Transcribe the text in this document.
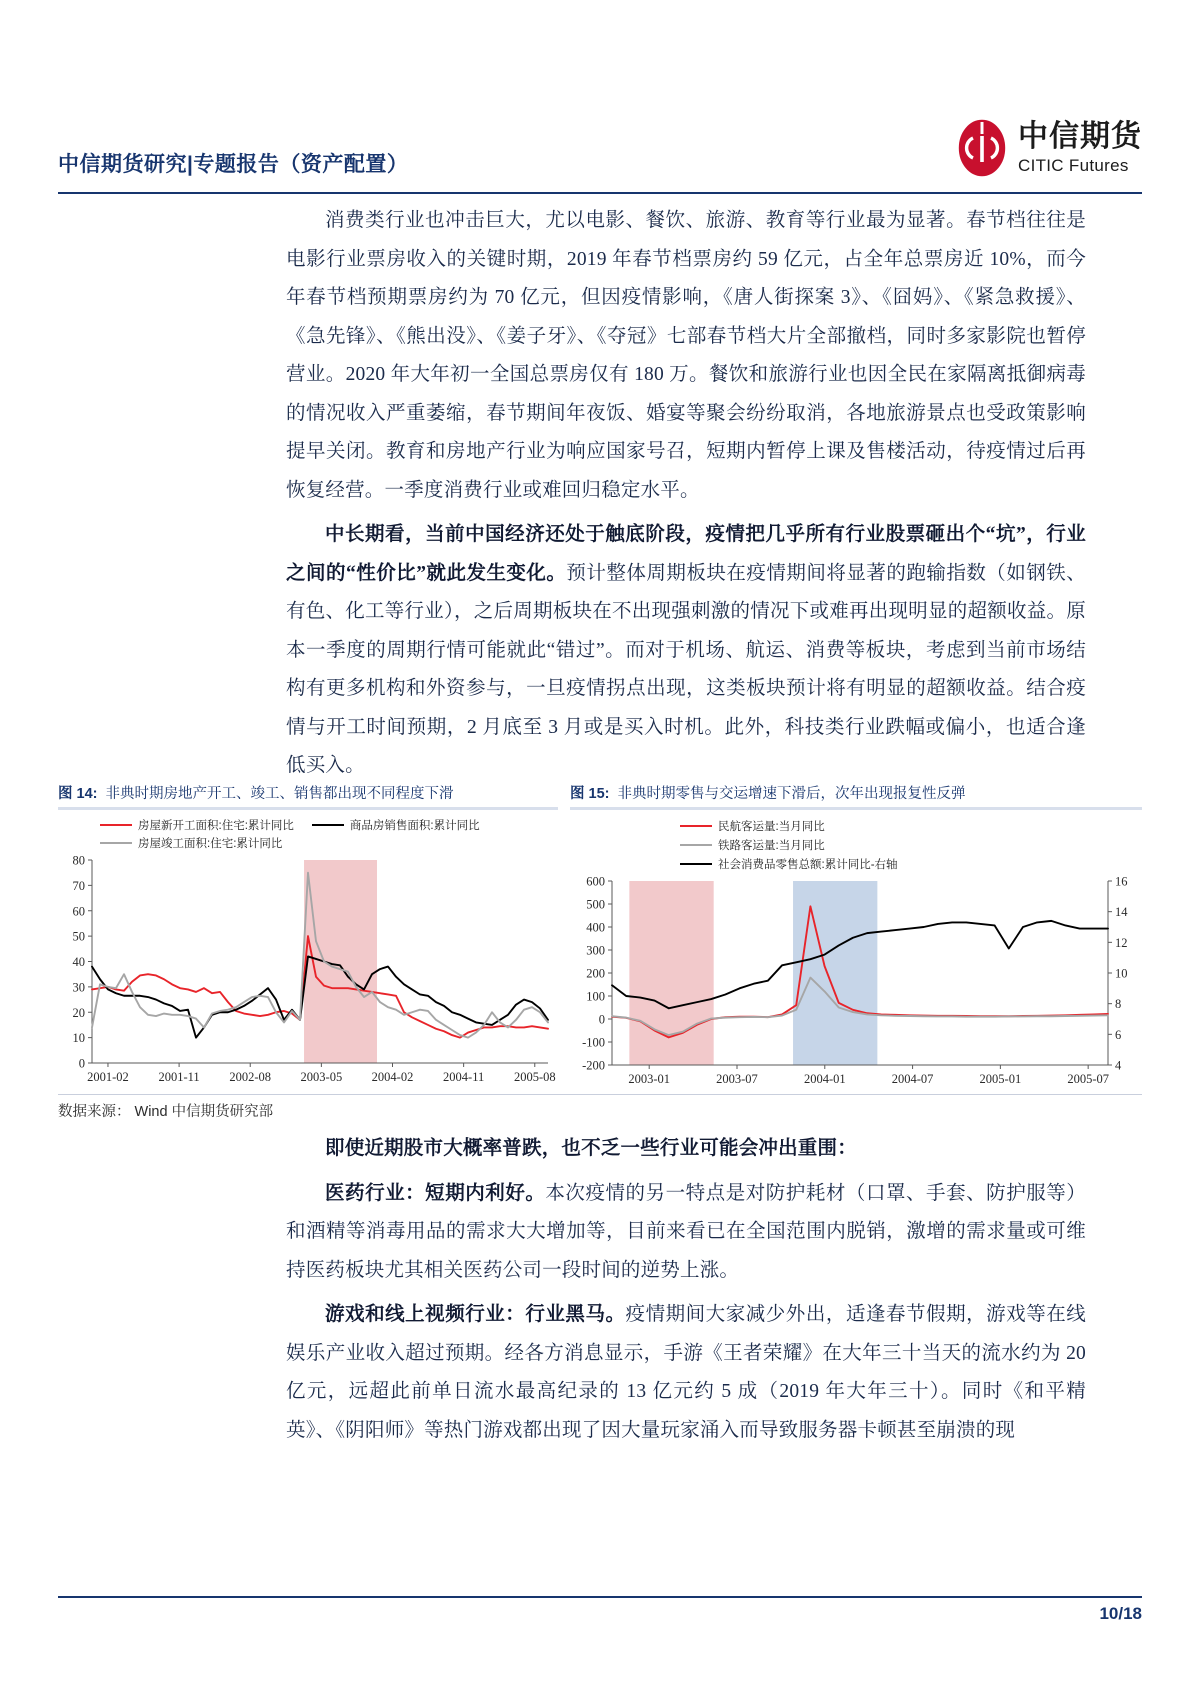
中信期货研究|专题报告（资产配置）
中信期货
CITIC Futures

消费类行业也冲击巨大，尤以电影、餐饮、旅游、教育等行业最为显著。春节档往往是电影行业票房收入的关键时期，2019 年春节档票房约 59 亿元，占全年总票房近 10%，而今年春节档预期票房约为 70 亿元，但因疫情影响，《唐人街探案 3》、《囧妈》、《紧急救援》、《急先锋》、《熊出没》、《姜子牙》、《夺冠》七部春节档大片全部撤档，同时多家影院也暂停营业。2020 年大年初一全国总票房仅有 180 万。餐饮和旅游行业也因全民在家隔离抵御病毒的情况收入严重萎缩，春节期间年夜饭、婚宴等聚会纷纷取消，各地旅游景点也受政策影响提早关闭。教育和房地产行业为响应国家号召，短期内暂停上课及售楼活动，待疫情过后再恢复经营。一季度消费行业或难回归稳定水平。

中长期看，当前中国经济还处于触底阶段，疫情把几乎所有行业股票砸出个“坑”，行业之间的“性价比”就此发生变化。预计整体周期板块在疫情期间将显著的跑输指数（如钢铁、有色、化工等行业），之后周期板块在不出现强刺激的情况下或难再出现明显的超额收益。原本一季度的周期行情可能就此“错过”。而对于机场、航运、消费等板块，考虑到当前市场结构有更多机构和外资参与，一旦疫情拐点出现，这类板块预计将有明显的超额收益。结合疫情与开工时间预期，2 月底至 3 月或是买入时机。此外，科技类行业跌幅或偏小，也适合逢低买入。

图 14: 非典时期房地产开工、竣工、销售都出现不同程度下滑
房屋新开工面积:住宅:累计同比	商品房销售面积:累计同比
房屋竣工面积:住宅:累计同比
0
10
20
30
40
50
60
70
80
2001-02 2001-11 2002-08 2003-05 2004-02 2004-11 2005-08
图 15: 非典时期零售与交运增速下滑后，次年出现报复性反弹
民航客运量:当月同比
铁路客运量:当月同比
社会消费品零售总额:累计同比-右轴
-200
-100
0
100
200
300
400
500
600
4
6
8
10
12
14
16
2003-01	2003-07	2004-01	2004-07	2005-01	2005-07
数据来源： Wind 中信期货研究部

即使近期股市大概率普跌，也不乏一些行业可能会冲出重围：

医药行业：短期内利好。本次疫情的另一特点是对防护耗材（口罩、手套、防护服等）和酒精等消毒用品的需求大大增加等，目前来看已在全国范围内脱销，激增的需求量或可维持医药板块尤其相关医药公司一段时间的逆势上涨。

游戏和线上视频行业：行业黑马。疫情期间大家减少外出，适逢春节假期，游戏等在线娱乐产业收入超过预期。经各方消息显示，手游《王者荣耀》在大年三十当天的流水约为 20 亿元，远超此前单日流水最高纪录的 13 亿元约 5 成（2019 年大年三十）。同时《和平精英》、《阴阳师》等热门游戏都出现了因大量玩家涌入而导致服务器卡顿甚至崩溃的现

10/18
